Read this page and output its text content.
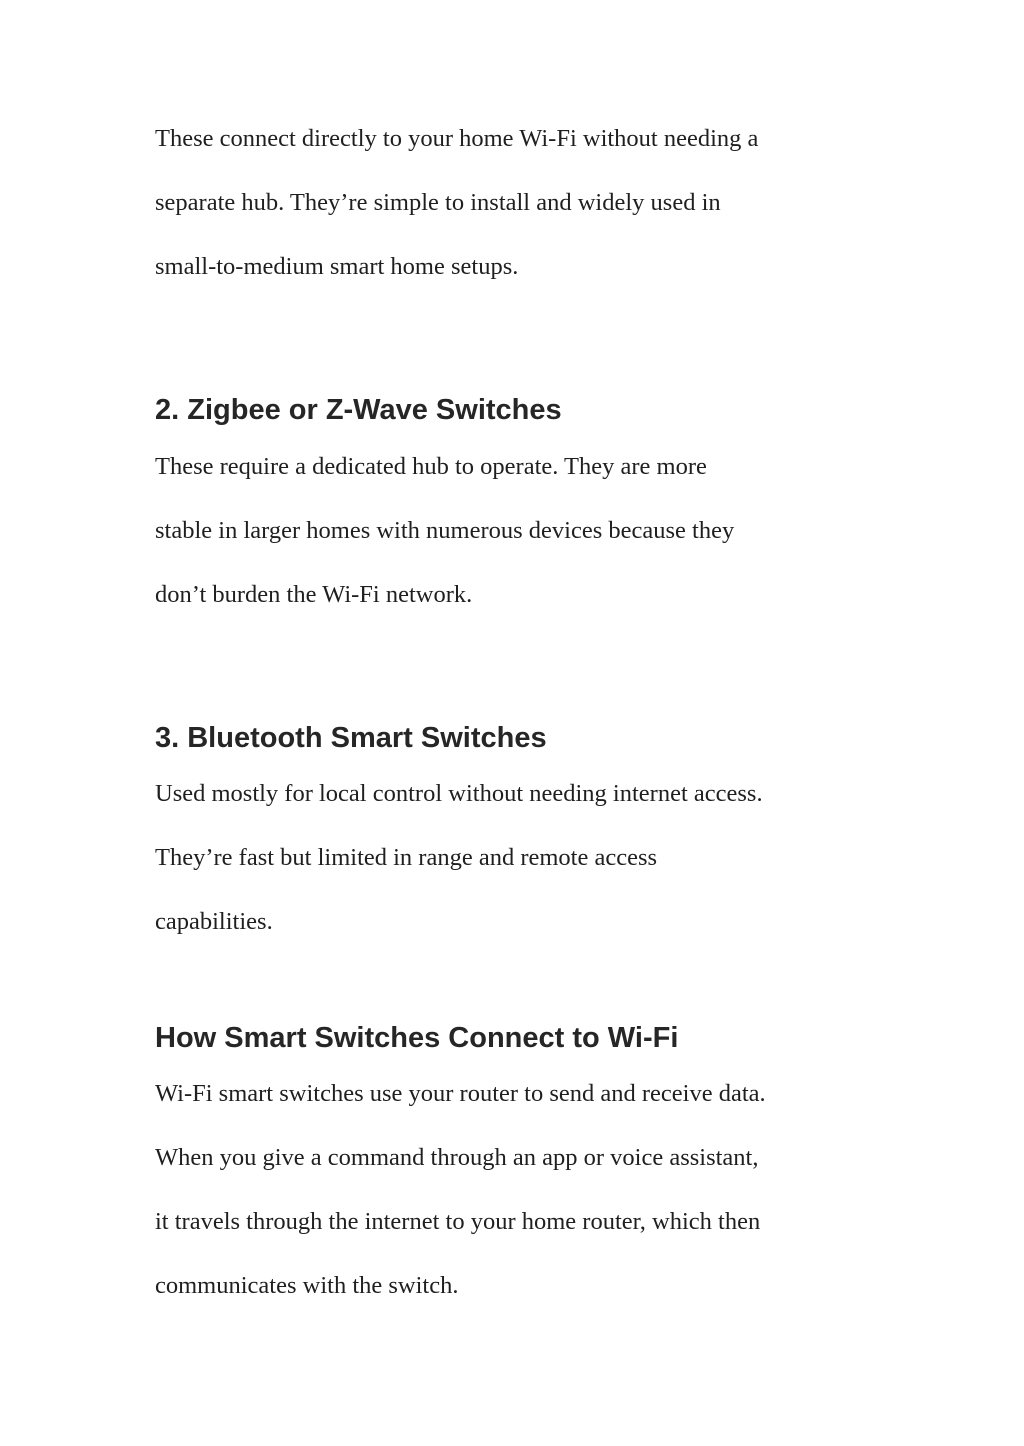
These connect directly to your home Wi-Fi without needing a
separate hub. They’re simple to install and widely used in
small-to-medium smart home setups.
2. Zigbee or Z-Wave Switches
These require a dedicated hub to operate. They are more
stable in larger homes with numerous devices because they
don’t burden the Wi-Fi network.
3. Bluetooth Smart Switches
Used mostly for local control without needing internet access.
They’re fast but limited in range and remote access
capabilities.
How Smart Switches Connect to Wi-Fi
Wi-Fi smart switches use your router to send and receive data.
When you give a command through an app or voice assistant,
it travels through the internet to your home router, which then
communicates with the switch.
